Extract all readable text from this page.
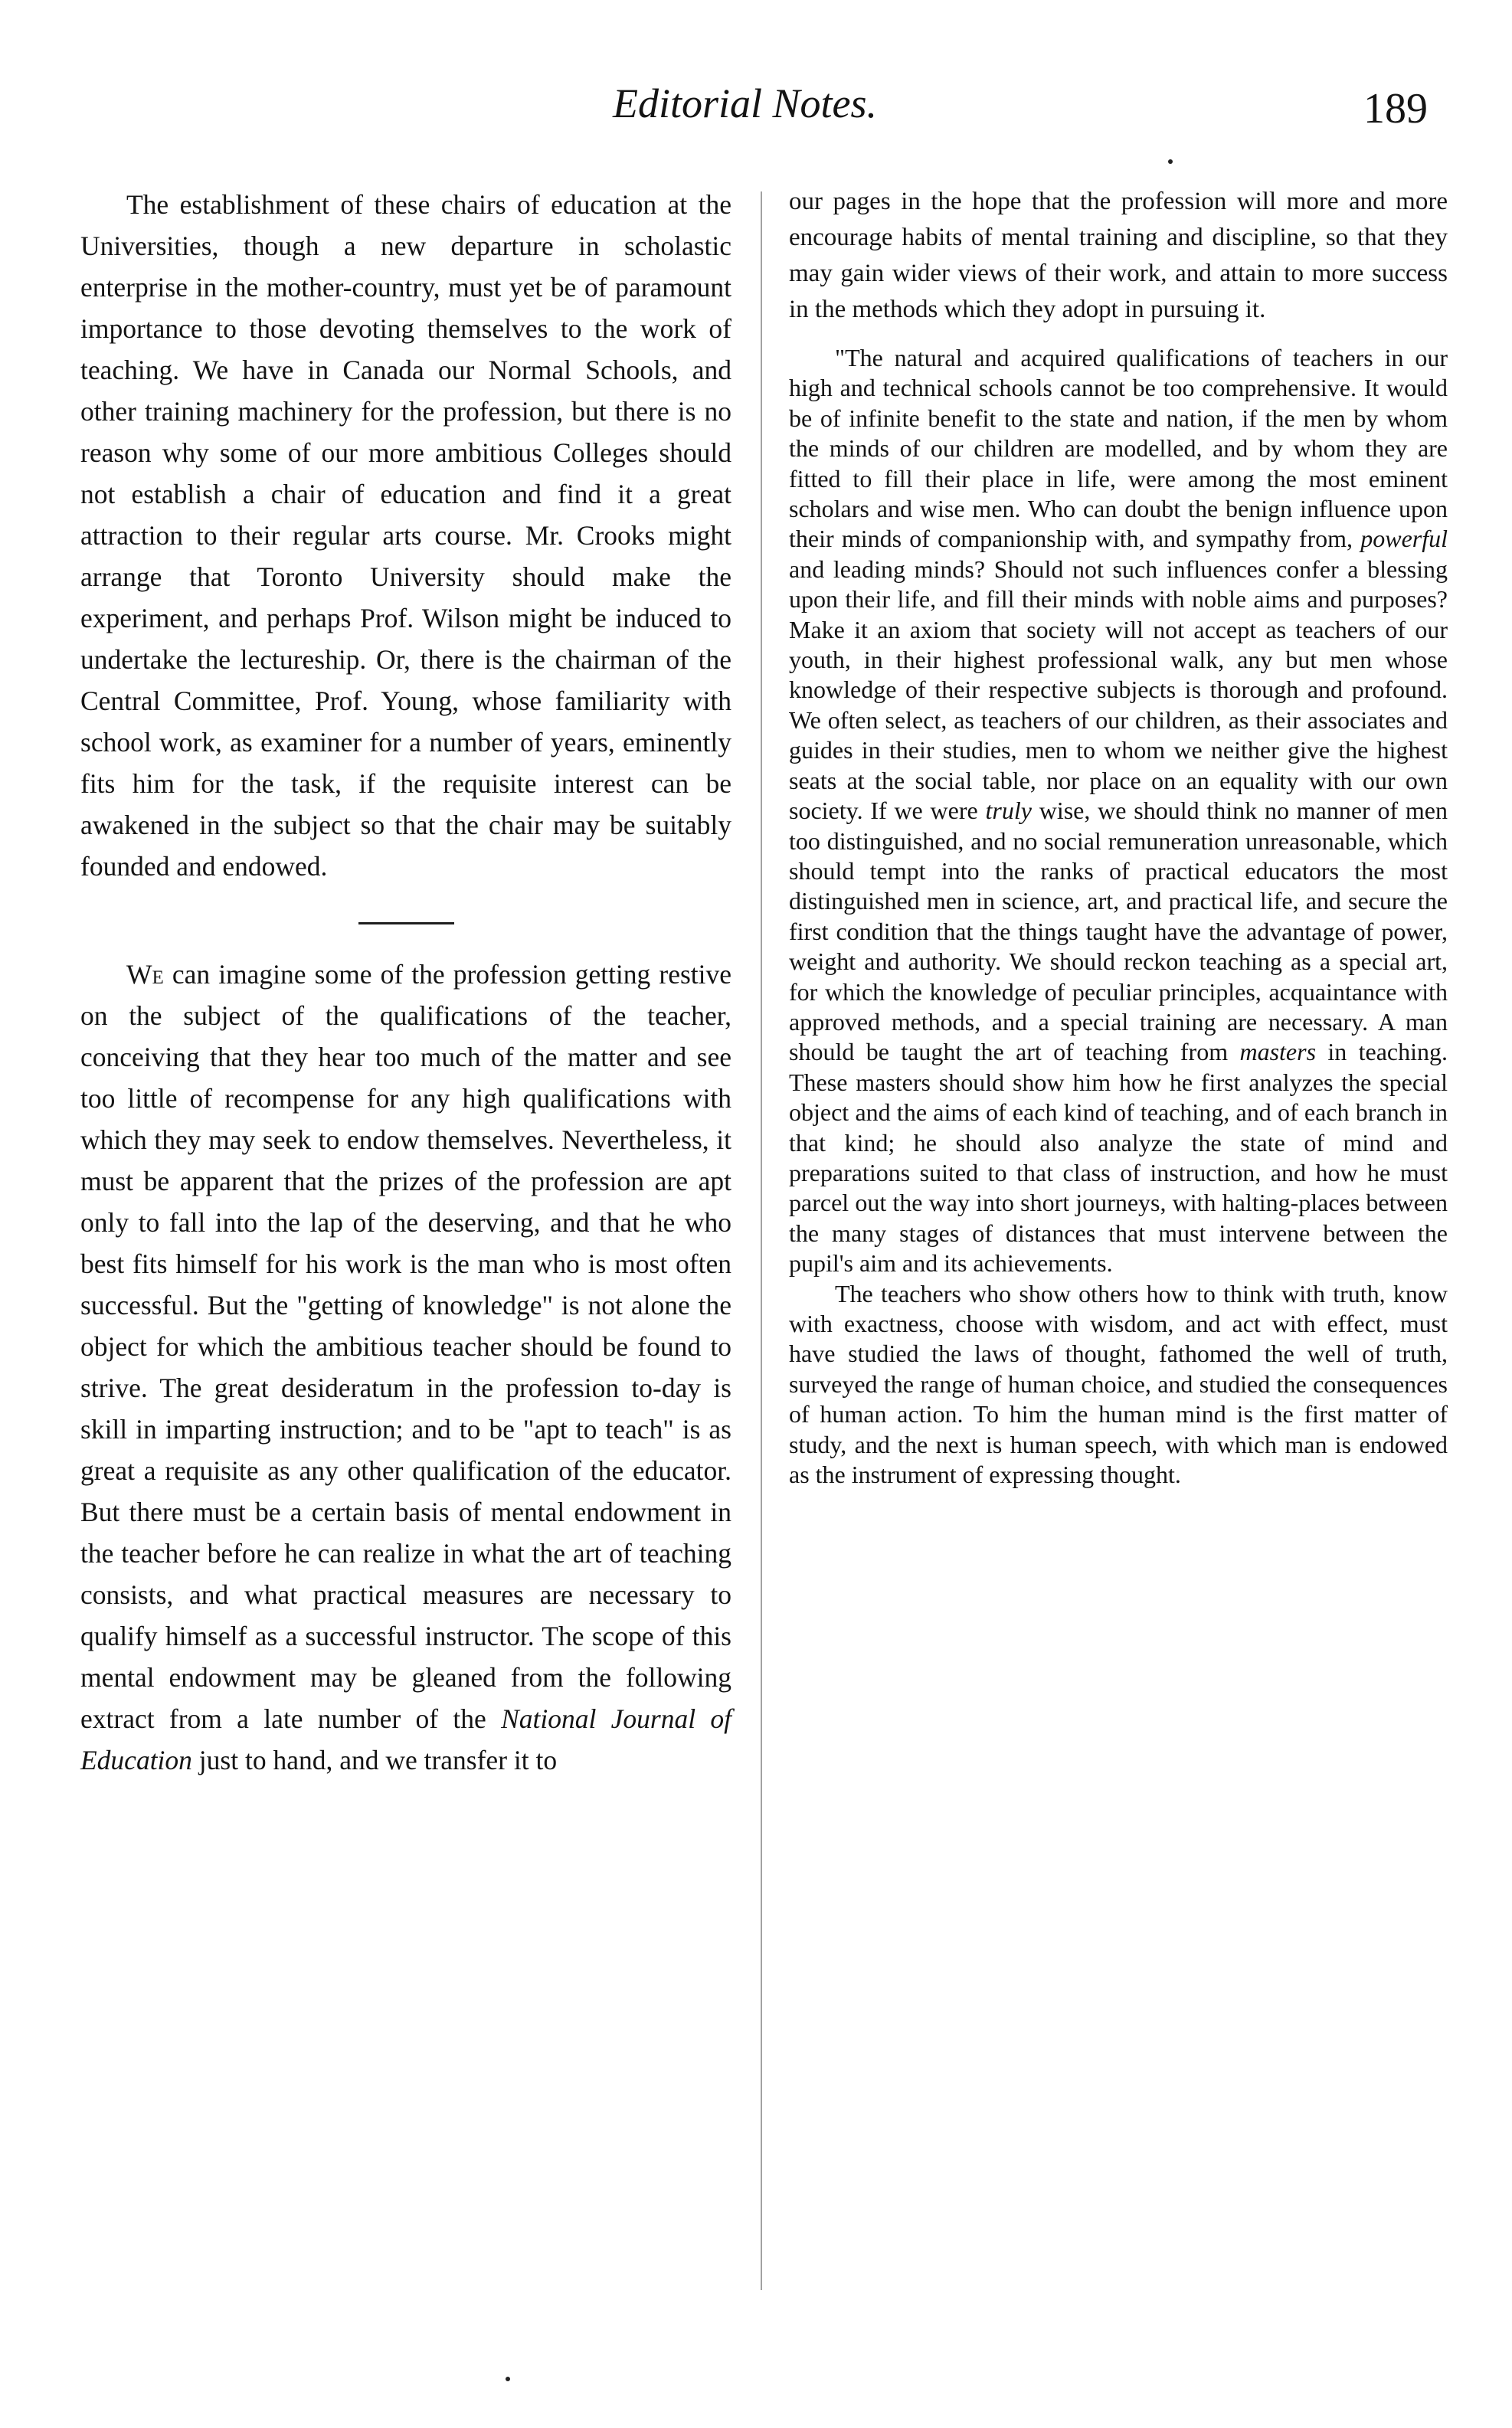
Editorial Notes.	189

The establishment of these chairs of education at the Universities, though a new departure in scholastic enterprise in the mother-country, must yet be of paramount importance to those devoting themselves to the work of teaching. We have in Canada our Normal Schools, and other training machinery for the profession, but there is no reason why some of our more ambitious Colleges should not establish a chair of education and find it a great attraction to their regular arts course. Mr. Crooks might arrange that Toronto University should make the experiment, and perhaps Prof. Wilson might be induced to undertake the lectureship. Or, there is the chairman of the Central Committee, Prof. Young, whose familiarity with school work, as examiner for a number of years, eminently fits him for the task, if the requisite interest can be awakened in the subject so that the chair may be suitably founded and endowed.

We can imagine some of the profession getting restive on the subject of the qualifications of the teacher, conceiving that they hear too much of the matter and see too little of recompense for any high qualifications with which they may seek to endow themselves. Nevertheless, it must be apparent that the prizes of the profession are apt only to fall into the lap of the deserving, and that he who best fits himself for his work is the man who is most often successful. But the "getting of knowledge" is not alone the object for which the ambitious teacher should be found to strive. The great desideratum in the profession to-day is skill in imparting instruction; and to be "apt to teach" is as great a requisite as any other qualification of the educator. But there must be a certain basis of mental endowment in the teacher before he can realize in what the art of teaching consists, and what practical measures are necessary to qualify himself as a successful instructor. The scope of this mental endowment may be gleaned from the following extract from a late number of the National Journal of Education just to hand, and we transfer it to

our pages in the hope that the profession will more and more encourage habits of mental training and discipline, so that they may gain wider views of their work, and attain to more success in the methods which they adopt in pursuing it.

"The natural and acquired qualifications of teachers in our high and technical schools cannot be too comprehensive. It would be of infinite benefit to the state and nation, if the men by whom the minds of our children are modelled, and by whom they are fitted to fill their place in life, were among the most eminent scholars and wise men. Who can doubt the benign influence upon their minds of companionship with, and sympathy from, powerful and leading minds? Should not such influences confer a blessing upon their life, and fill their minds with noble aims and purposes? Make it an axiom that society will not accept as teachers of our youth, in their highest professional walk, any but men whose knowledge of their respective subjects is thorough and profound. We often select, as teachers of our children, as their associates and guides in their studies, men to whom we neither give the highest seats at the social table, nor place on an equality with our own society. If we were truly wise, we should think no manner of men too distinguished, and no social remuneration unreasonable, which should tempt into the ranks of practical educators the most distinguished men in science, art, and practical life, and secure the first condition that the things taught have the advantage of power, weight and authority. We should reckon teaching as a special art, for which the knowledge of peculiar principles, acquaintance with approved methods, and a special training are necessary. A man should be taught the art of teaching from masters in teaching. These masters should show him how he first analyzes the special object and the aims of each kind of teaching, and of each branch in that kind; he should also analyze the state of mind and preparations suited to that class of instruction, and how he must parcel out the way into short journeys, with halting-places between the many stages of distances that must intervene between the pupil's aim and its achievements.

The teachers who show others how to think with truth, know with exactness, choose with wisdom, and act with effect, must have studied the laws of thought, fathomed the well of truth, surveyed the range of human choice, and studied the consequences of human action. To him the human mind is the first matter of study, and the next is human speech, with which man is endowed as the instrument of expressing thought.
